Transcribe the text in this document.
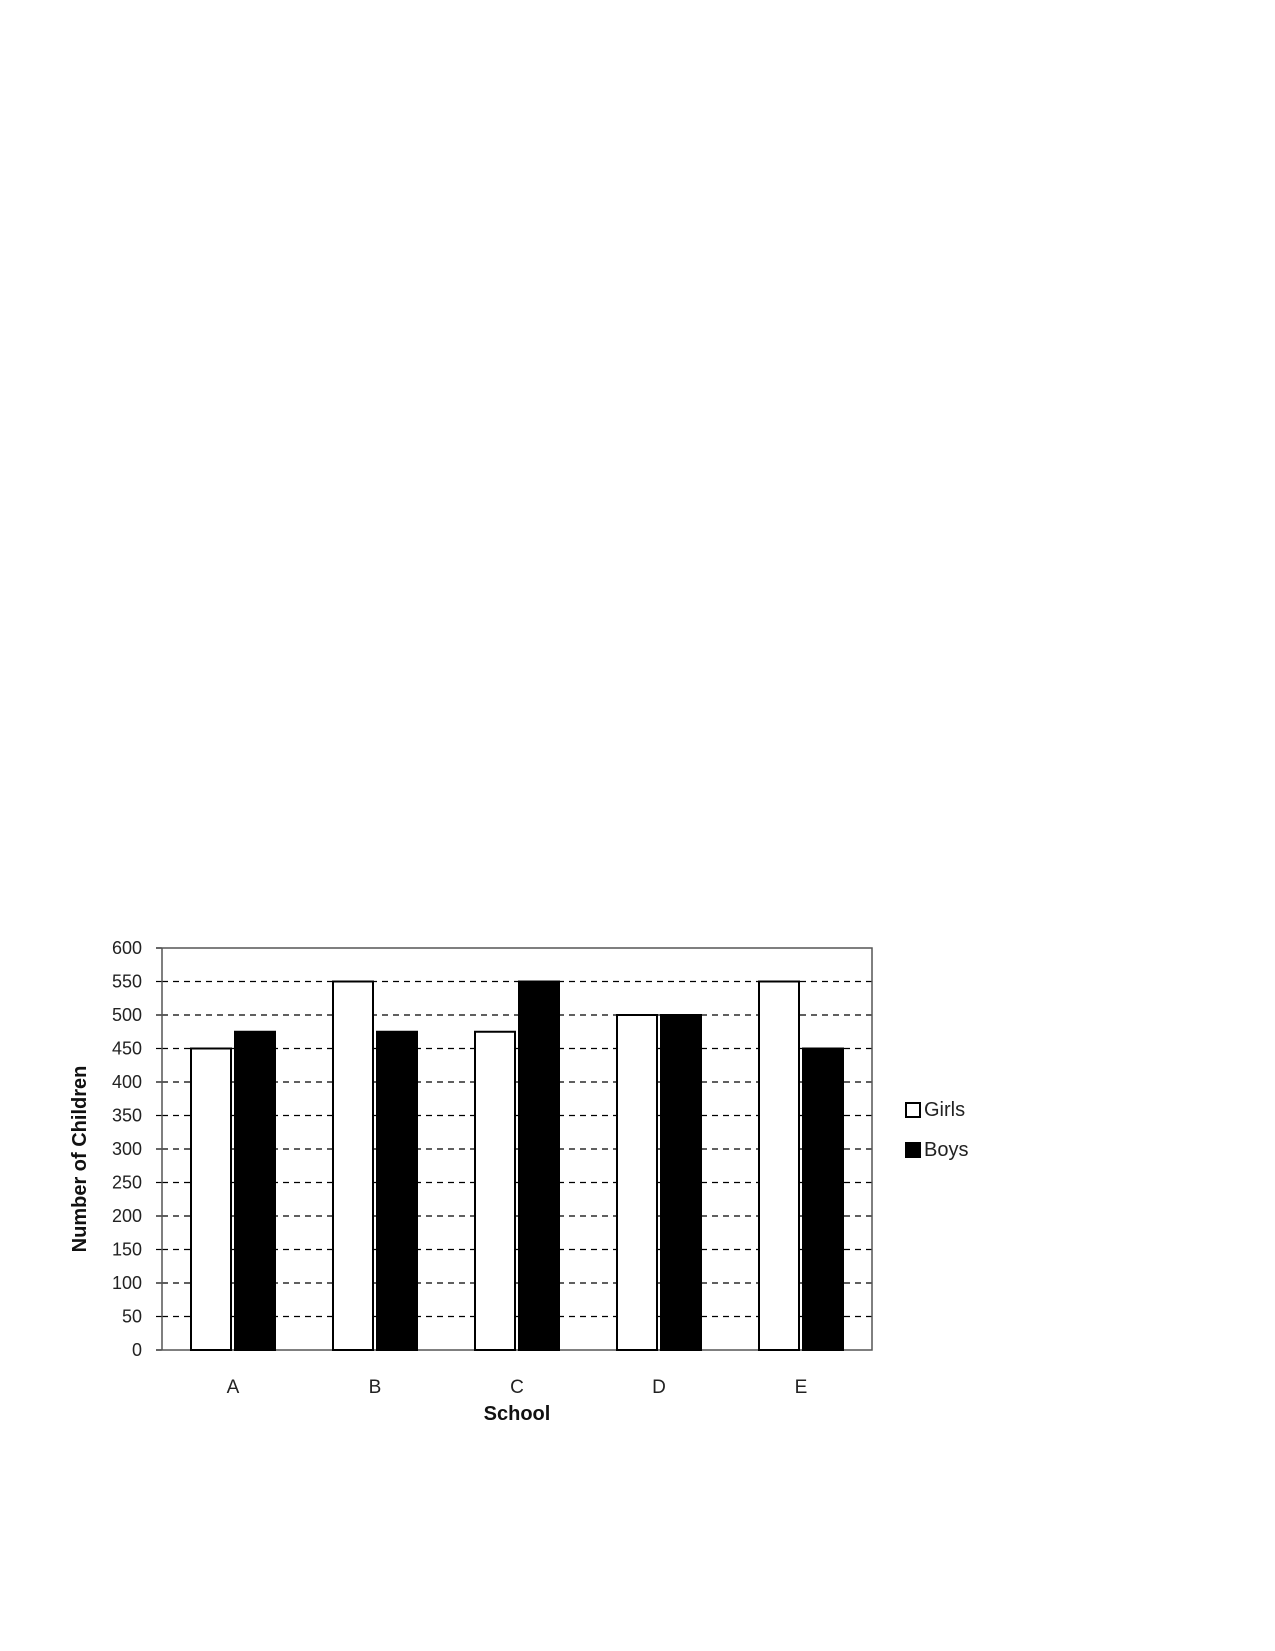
0
50
100
150
200
250
300
350
400
450
500
550
600
A	B	C	D	E
School
Number of Children	Girls
Boys
